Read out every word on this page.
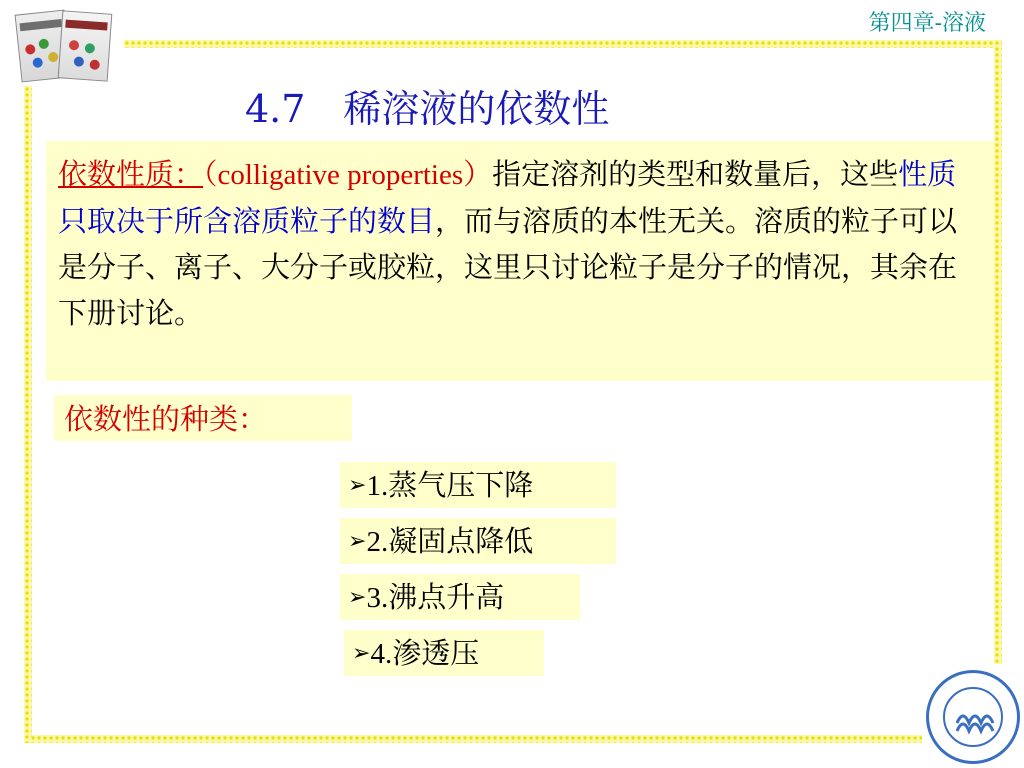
第四章-溶液
4.7　稀溶液的依数性
依数性质：（colligative properties）指定溶剂的类型和数量后，这些性质只取决于所含溶质粒子的数目，而与溶质的本性无关。溶质的粒子可以是分子、离子、大分子或胶粒，这里只讨论粒子是分子的情况，其余在下册讨论。
依数性的种类：
➢1.蒸气压下降
➢2.凝固点降低
➢3.沸点升高
➢4.渗透压
